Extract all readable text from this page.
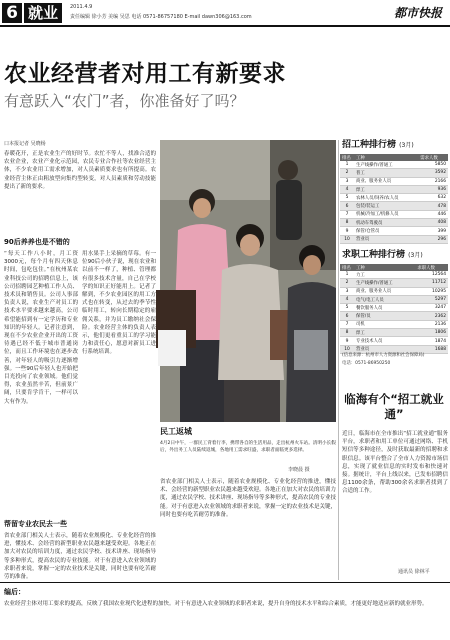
6 就业	2011.4.9
责任编辑 徐小芳 美编 吴思 电话 0571-86757180 E-mail dawn306@163.com	都市快报
农业经营者对用工有新要求
有意跃入“农门”者，你准备好了吗？
口本报记者 吴晓杨
春暖花开，正是农业生产的好时节。农忙不等人，找准合适的农业企业，农业产业化示范园，农民专业合作社等农业经营主体，不少农业用工需求增加，对人员素质要求也有所提高。农业经营主体正由粗放型向集约型转变，对人员素质和劳动技能提出了新的要求。
90后养养也是不错的
“每天工作八小时，月工资3000元，每个月有四天休息时间，包吃包住。”在杭州某农业科技公司的招聘信息上，该公司招聘园艺种植工作人员、技术员和销售员。公司人事部负责人说，农业生产对员工的技术水平要求越来越高，公司希望能招到有一定学历和专业知识的年轻人。记者注意到，现在不少农业企业开出的工资待遇已经不低于城市普通岗位，而且工作环境也在逐步改善，对年轻人的吸引力逐渐增强。一些90后年轻人也开始把目光投向了农业领域。他们觉得，农业虽然辛苦，但前景广阔，只要肯学肯干，一样可以大有作为。
用水果手上采摘的草莓。有一位90后小伙子说，现在农业和以前不一样了，种植、管理都有很多技术含量，自己在学校学的知识正好能用上。记者了解到，不少农业园区的用工方式也在转变，从过去的季节性临时用工，转向长期稳定的雇佣关系，并为员工缴纳社会保险。农业经营主体的负责人表示，他们更看重员工的学习能力和责任心，愿意对新员工进行系统培训。
帮留专业农民去一些
省农业部门相关人士表示，随着农业规模化、专业化经营的推进，懂技术、会经营的新型职业农民越来越受欢迎。各地正在加大对农民的培训力度，通过农民学校、技术讲座、现场指导等多种形式，提高农民的专业技能。对于有意进入农业领域的求职者来说，掌握一定的农业技术是关键，同时也要有吃苦耐劳的准备。
省农业部门相关人士表示，随着农业规模化、专业化经营的推进，懂技术、会经营的新型职业农民越来越受欢迎。各地正在加大对农民的培训力度，通过农民学校、技术讲座、现场指导等多种形式，提高农民的专业技能。对于有意进入农业领域的求职者来说，掌握一定的农业技术是关键，同时也要有吃苦耐劳的准备。
民工返城
4月2日中午，一群民工背着行李，携带各自的生活用品，走出杭州火车站。清明小长假后，外出务工人员陆续返城，各地用工需求旺盛，求职者面临更多选择。
李晓晨 摄
招工种排行榜 (3月)
排名	工种	需求人数
1	生产线操作/普通工	5850
2	普工	3592
3	商业、服务业人员	2166
4	焊工	936
5	农林人员/饲养/农人员	632
6	包装/装运工	478
7	机械/冷加工/机修人员	446
8	机动车驾驶员	408
9	保管/仓管员	399
10	营业员	296
求职工种排行榜 (3月)
排名	工种	求职人数
1	力工	12564
2	生产线操作/普通工	11712
3	商业、服务业人员	10295
4	电气/电工人员	5297
5	餐饮服务人员	3247
6	保管/员	2362
7	司机	2136
8	焊工	1806
9	专业技术人员	1874
10	营业员	1688
(信息来源：杭州市人力资源和社会保障局)
电话：0571-86950250
临海有个“招工就业通”
近日，临海市在全市推出“招工就业通”服务平台，求职者和用工单位可通过网络、手机短信等多种途径，及时获取最新的招聘和求职信息。该平台整合了全市人力资源市场信息，实现了就业信息的实时发布和快速对接。据统计，平台上线以来，已发布招聘信息1100余条，帮助300余名求职者找到了合适的工作。
通讯员 徐林平
编后：
农业经营主体对用工要求的提高，反映了我国农业现代化进程的加快。对于有意进入农业领域的求职者来说，提升自身的技术水平和综合素质，才能更好地适应新的就业形势。
